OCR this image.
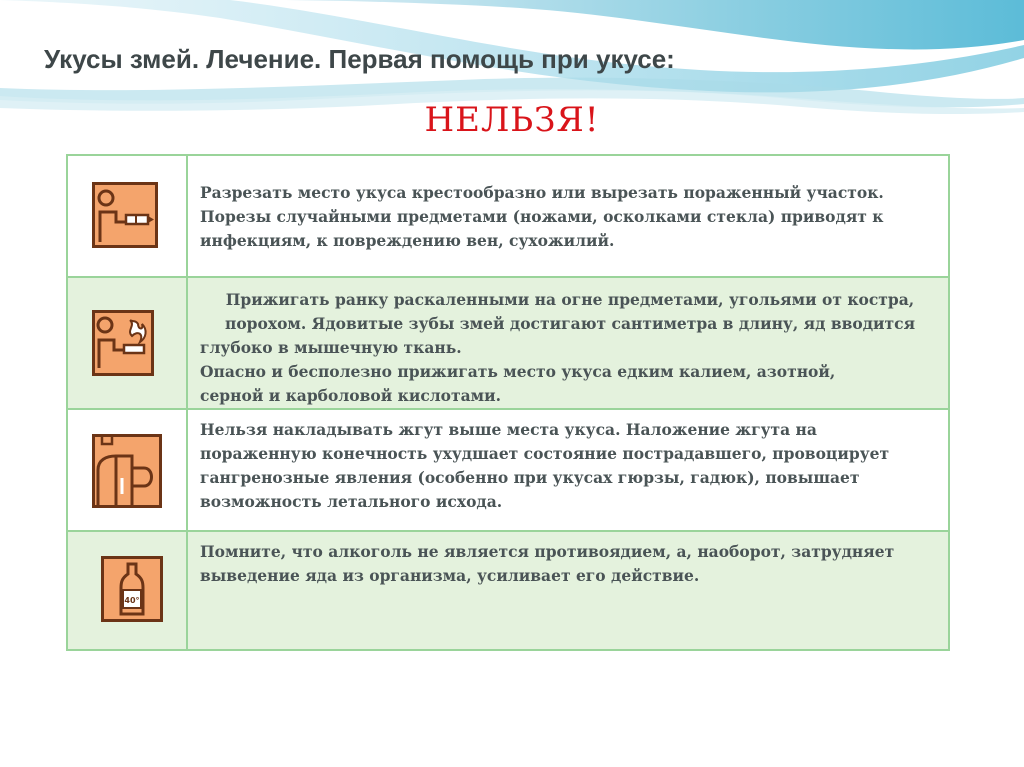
Укусы змей. Лечение. Первая помощь при укусе:
НЕЛЬЗЯ!
Разрезать место укуса крестообразно или вырезать пораженный участок.
Порезы случайными предметами (ножами, осколками стекла) приводят к
инфекциям, к повреждению вен, сухожилий.
Прижигать ранку раскаленными на огне предметами, угольями от костра,
порохом. Ядовитые зубы змей достигают сантиметра в длину, яд вводится
глубоко в мышечную ткань.
Опасно и бесполезно прижигать место укуса едким калием, азотной,
серной и карболовой кислотами.
Нельзя накладывать жгут выше места укуса. Наложение жгута на
пораженную конечность ухудшает состояние пострадавшего, провоцирует
гангренозные явления (особенно при укусах гюрзы, гадюк), повышает
возможность летального исхода.
40°
Помните, что алкоголь не является противоядием, а, наоборот, затрудняет
выведение яда из организма, усиливает его действие.
